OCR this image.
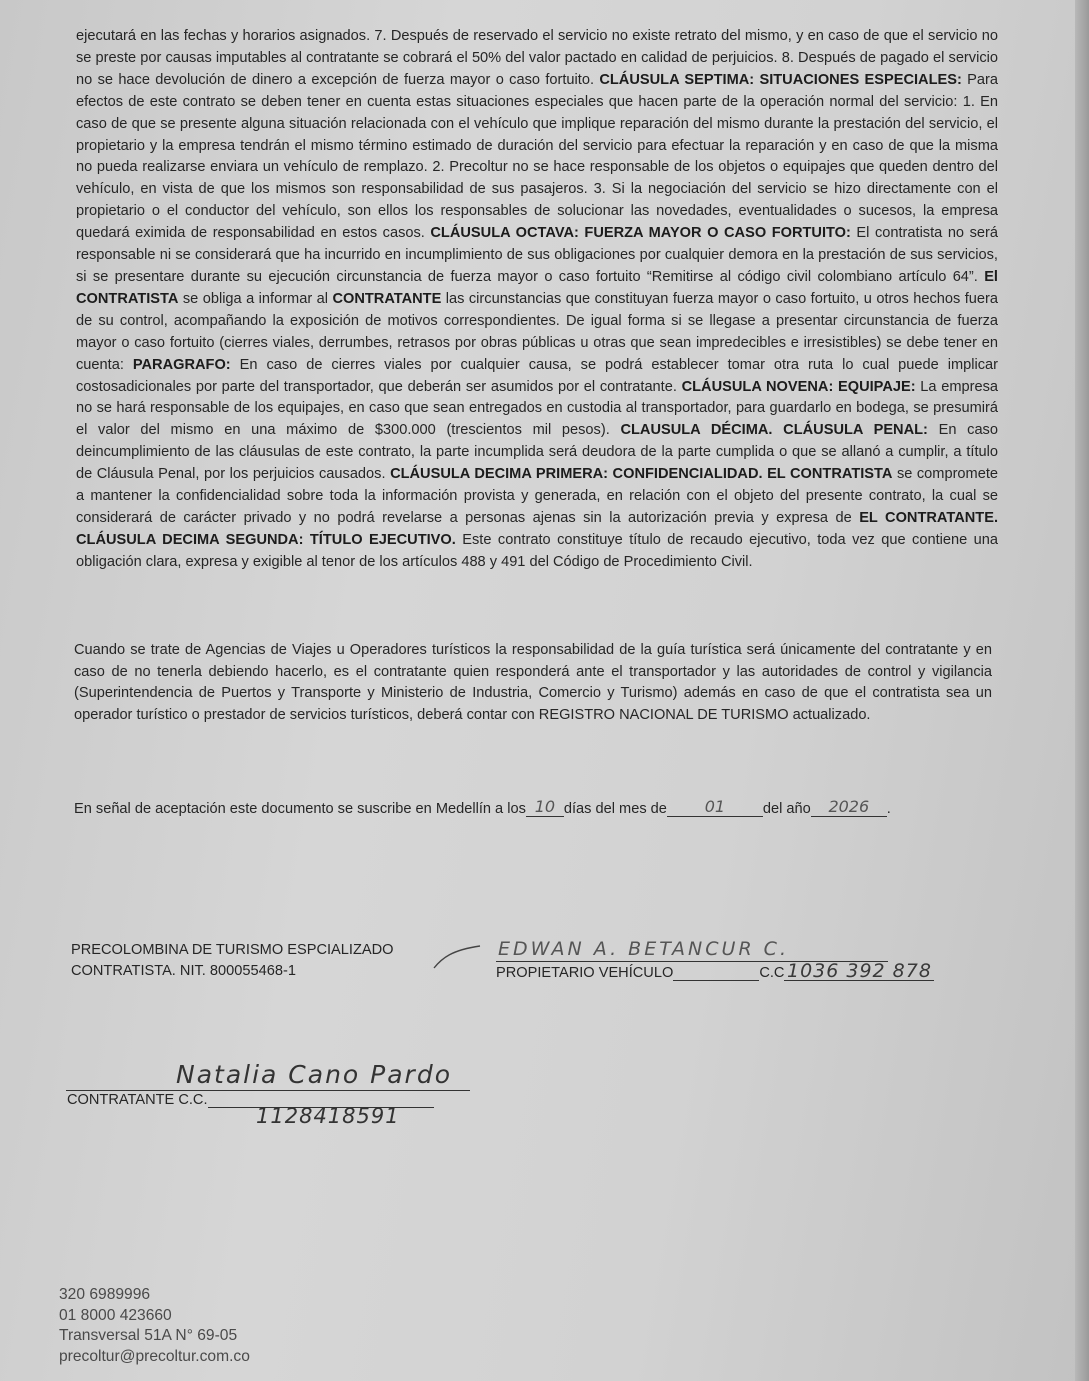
ejecutará en las fechas y horarios asignados. 7. Después de reservado el servicio no existe retrato del mismo, y en caso de que el servicio no se preste por causas imputables al contratante se cobrará el 50% del valor pactado en calidad de perjuicios. 8. Después de pagado el servicio no se hace devolución de dinero a excepción de fuerza mayor o caso fortuito. CLÁUSULA SEPTIMA: SITUACIONES ESPECIALES: Para efectos de este contrato se deben tener en cuenta estas situaciones especiales que hacen parte de la operación normal del servicio: 1. En caso de que se presente alguna situación relacionada con el vehículo que implique reparación del mismo durante la prestación del servicio, el propietario y la empresa tendrán el mismo término estimado de duración del servicio para efectuar la reparación y en caso de que la misma no pueda realizarse enviara un vehículo de remplazo. 2. Precoltur no se hace responsable de los objetos o equipajes que queden dentro del vehículo, en vista de que los mismos son responsabilidad de sus pasajeros. 3. Si la negociación del servicio se hizo directamente con el propietario o el conductor del vehículo, son ellos los responsables de solucionar las novedades, eventualidades o sucesos, la empresa quedará eximida de responsabilidad en estos casos. CLÁUSULA OCTAVA: FUERZA MAYOR O CASO FORTUITO: El contratista no será responsable ni se considerará que ha incurrido en incumplimiento de sus obligaciones por cualquier demora en la prestación de sus servicios, si se presentare durante su ejecución circunstancia de fuerza mayor o caso fortuito “Remitirse al código civil colombiano artículo 64”. El CONTRATISTA se obliga a informar al CONTRATANTE las circunstancias que constituyan fuerza mayor o caso fortuito, u otros hechos fuera de su control, acompañando la exposición de motivos correspondientes. De igual forma si se llegase a presentar circunstancia de fuerza mayor o caso fortuito (cierres viales, derrumbes, retrasos por obras públicas u otras que sean impredecibles e irresistibles) se debe tener en cuenta: PARAGRAFO: En caso de cierres viales por cualquier causa, se podrá establecer tomar otra ruta lo cual puede implicar costosadicionales por parte del transportador, que deberán ser asumidos por el contratante. CLÁUSULA NOVENA: EQUIPAJE: La empresa no se hará responsable de los equipajes, en caso que sean entregados en custodia al transportador, para guardarlo en bodega, se presumirá el valor del mismo en una máximo de $300.000 (trescientos mil pesos). CLAUSULA DÉCIMA. CLÁUSULA PENAL: En caso deincumplimiento de las cláusulas de este contrato, la parte incumplida será deudora de la parte cumplida o que se allanó a cumplir, a título de Cláusula Penal, por los perjuicios causados. CLÁUSULA DECIMA PRIMERA: CONFIDENCIALIDAD. EL CONTRATISTA se compromete a mantener la confidencialidad sobre toda la información provista y generada, en relación con el objeto del presente contrato, la cual se considerará de carácter privado y no podrá revelarse a personas ajenas sin la autorización previa y expresa de EL CONTRATANTE. CLÁUSULA DECIMA SEGUNDA: TÍTULO EJECUTIVO. Este contrato constituye título de recaudo ejecutivo, toda vez que contiene una obligación clara, expresa y exigible al tenor de los artículos 488 y 491 del Código de Procedimiento Civil.

Cuando se trate de Agencias de Viajes u Operadores turísticos la responsabilidad de la guía turística será únicamente del contratante y en caso de no tenerla debiendo hacerlo, es el contratante quien responderá ante el transportador y las autoridades de control y vigilancia (Superintendencia de Puertos y Transporte y Ministerio de Industria, Comercio y Turismo) además en caso de que el contratista sea un operador turístico o prestador de servicios turísticos, deberá contar con REGISTRO NACIONAL DE TURISMO actualizado.

En señal de aceptación este documento se suscribe en Medellín a los 10 días del mes de 01	del año 2026 .
PRECOLOMBINA DE TURISMO ESPCIALIZADO
CONTRATISTA. NIT. 800055468-1
EDWAN A. BETANCUR C.
PROPIETARIO VEHÍCULO	C.C 1036 392 878
Natalia Cano Pardo
CONTRATANTE C.C.
1128418591
320 6989996
01 8000 423660
Transversal 51A N° 69-05
precoltur@precoltur.com.co
